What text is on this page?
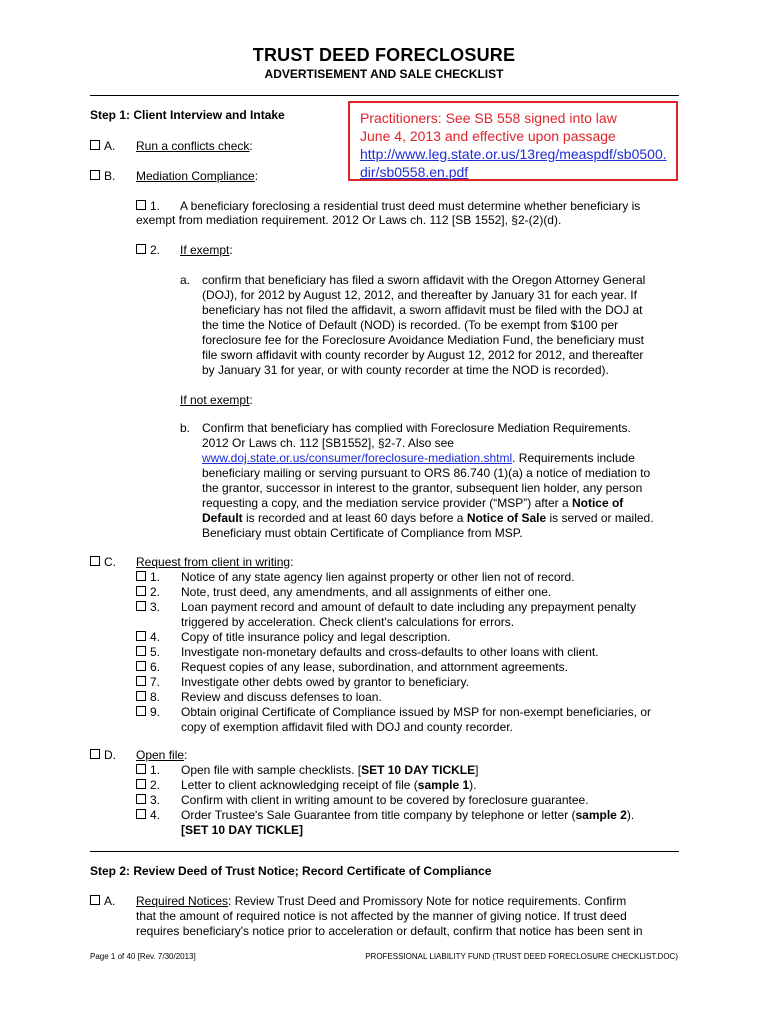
TRUST DEED FORECLOSURE
ADVERTISEMENT AND SALE CHECKLIST
Step 1: Client Interview and Intake	Practitioners: See SB 558 signed into law
June 4, 2013 and effective upon passage
http://www.leg.state.or.us/13reg/measpdf/sb0500.
dir/sb0558.en.pdf
A. Run a conflicts check:
B. Mediation Compliance:
1. A beneficiary foreclosing a residential trust deed must determine whether beneficiary is
exempt from mediation requirement. 2012 Or Laws ch. 112 [SB 1552], §2-(2)(d).
2. If exempt:
a. confirm that beneficiary has filed a sworn affidavit with the Oregon Attorney General
(DOJ), for 2012 by August 12, 2012, and thereafter by January 31 for each year. If
beneficiary has not filed the affidavit, a sworn affidavit must be filed with the DOJ at
the time the Notice of Default (NOD) is recorded. (To be exempt from $100 per
foreclosure fee for the Foreclosure Avoidance Mediation Fund, the beneficiary must
file sworn affidavit with county recorder by August 12, 2012 for 2012, and thereafter
by January 31 for year, or with county recorder at time the NOD is recorded).
If not exempt:
b. Confirm that beneficiary has complied with Foreclosure Mediation Requirements.
2012 Or Laws ch. 112 [SB1552], §2-7. Also see
www.doj.state.or.us/consumer/foreclosure-mediation.shtml. Requirements include
beneficiary mailing or serving pursuant to ORS 86.740 (1)(a) a notice of mediation to
the grantor, successor in interest to the grantor, subsequent lien holder, any person
requesting a copy, and the mediation service provider (“MSP”) after a Notice of
Default is recorded and at least 60 days before a Notice of Sale is served or mailed.
Beneficiary must obtain Certificate of Compliance from MSP.
C. Request from client in writing:
1. Notice of any state agency lien against property or other lien not of record.
2. Note, trust deed, any amendments, and all assignments of either one.
3. Loan payment record and amount of default to date including any prepayment penalty
triggered by acceleration. Check client's calculations for errors.
4. Copy of title insurance policy and legal description.
5. Investigate non-monetary defaults and cross-defaults to other loans with client.
6. Request copies of any lease, subordination, and attornment agreements.
7. Investigate other debts owed by grantor to beneficiary.
8. Review and discuss defenses to loan.
9. Obtain original Certificate of Compliance issued by MSP for non-exempt beneficiaries, or
copy of exemption affidavit filed with DOJ and county recorder.
D. Open file:
1. Open file with sample checklists. [SET 10 DAY TICKLE]
2. Letter to client acknowledging receipt of file (sample 1).
3. Confirm with client in writing amount to be covered by foreclosure guarantee.
4. Order Trustee's Sale Guarantee from title company by telephone or letter (sample 2).
[SET 10 DAY TICKLE]
Step 2: Review Deed of Trust Notice; Record Certificate of Compliance
A. Required Notices: Review Trust Deed and Promissory Note for notice requirements. Confirm
that the amount of required notice is not affected by the manner of giving notice. If trust deed
requires beneficiary's notice prior to acceleration or default, confirm that notice has been sent in
Page 1 of 40 [Rev. 7/30/2013]	PROFESSIONAL LIABILITY FUND (TRUST DEED FORECLOSURE CHECKLIST.DOC)
